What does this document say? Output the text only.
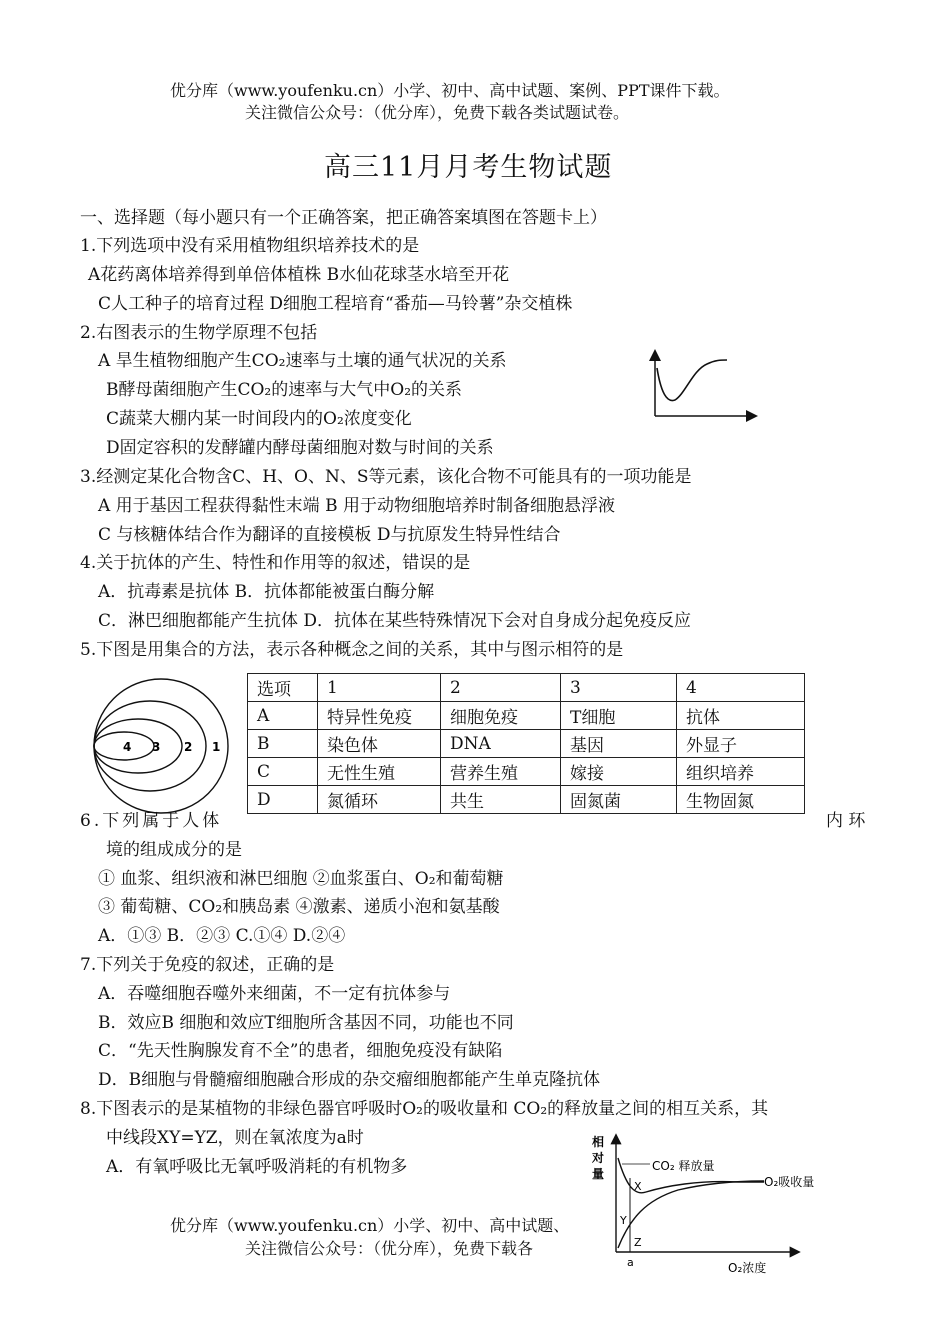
优分库（www.youfenku.cn）小学、初中、高中试题、案例、PPT课件下载。
关注微信公众号：（优分库），免费下载各类试题试卷。
高三11月月考生物试题
一、选择题（每小题只有一个正确答案，把正确答案填图在答题卡上）
1.下列选项中没有采用植物组织培养技术的是
A花药离体培养得到单倍体植株 B水仙花球茎水培至开花
C人工种子的培育过程 D细胞工程培育“番茄—马铃薯”杂交植株
2.右图表示的生物学原理不包括
A 旱生植物细胞产生CO₂速率与土壤的通气状况的关系
B酵母菌细胞产生CO₂的速率与大气中O₂的关系
C蔬菜大棚内某一时间段内的O₂浓度变化
D固定容积的发酵罐内酵母菌细胞对数与时间的关系
3.经测定某化合物含C、H、O、N、S等元素，该化合物不可能具有的一项功能是
A 用于基因工程获得黏性末端 B 用于动物细胞培养时制备细胞悬浮液
C 与核糖体结合作为翻译的直接模板 D与抗原发生特异性结合
4.关于抗体的产生、特性和作用等的叙述，错误的是
A．抗毒素是抗体 B．抗体都能被蛋白酶分解
C．淋巴细胞都能产生抗体 D．抗体在某些特殊情况下会对自身成分起免疫反应
5.下图是用集合的方法，表示各种概念之间的关系，其中与图示相符的是
4 3 2 1
选项	1	2	3	4
A	特异性免疫	细胞免疫	T细胞	抗体
B	染色体	DNA	基因	外显子
C	无性生殖	营养生殖	嫁接	组织培养
D	氮循环	共生	固氮菌	生物固氮
6.下列属于人体	内 环
境的组成成分的是
① 血浆、组织液和淋巴细胞 ②血浆蛋白、O₂和葡萄糖
③ 葡萄糖、CO₂和胰岛素 ④激素、递质小泡和氨基酸
A．①③ B．②③ C.①④ D.②④
7.下列关于免疫的叙述，正确的是
A．吞噬细胞吞噬外来细菌，不一定有抗体参与
B．效应B 细胞和效应T细胞所含基因不同，功能也不同
C．“先天性胸腺发育不全”的患者，细胞免疫没有缺陷
D．B细胞与骨髓瘤细胞融合形成的杂交瘤细胞都能产生单克隆抗体
8.下图表示的是某植物的非绿色器官呼吸时O₂的吸收量和 CO₂的释放量之间的相互关系，其
中线段XY=YZ，则在氧浓度为a时
A．有氧呼吸比无氧呼吸消耗的有机物多
相
对
量
CO₂ 释放量
O₂吸收量
X
Y
Z
a	O₂浓度
优分库（www.youfenku.cn）小学、初中、高中试题、
关注微信公众号：（优分库），免费下载各
